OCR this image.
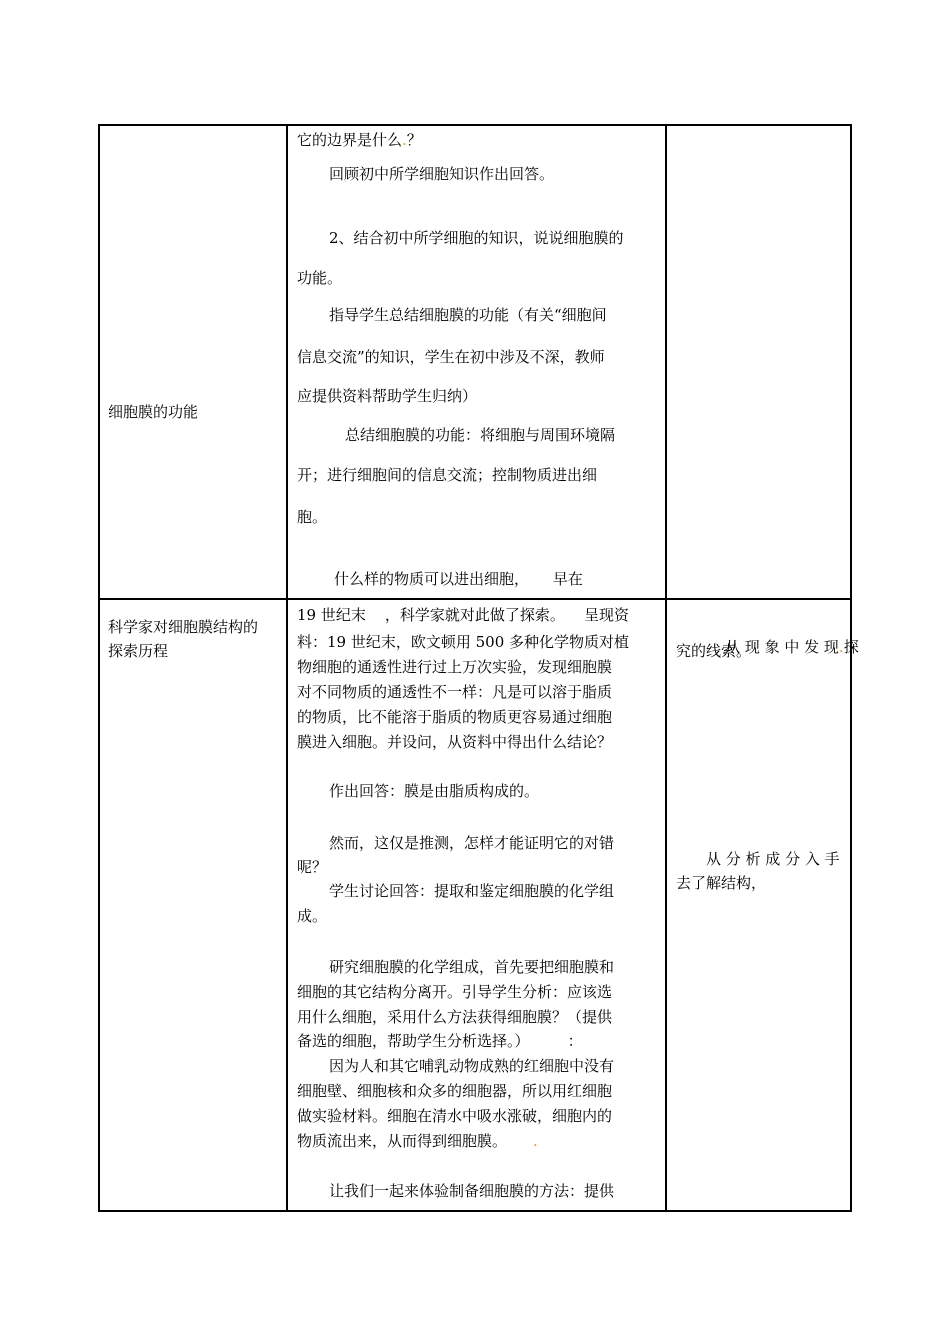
细胞膜的功能
它的边界是什么.？
回顾初中所学细胞知识作出回答。
2、结合初中所学细胞的知识，说说细胞膜的
功能。
指导学生总结细胞膜的功能（有关“细胞间
信息交流”的知识，学生在初中涉及不深，教师
应提供资料帮助学生归纳）
总结细胞膜的功能：将细胞与周围环境隔
开；进行细胞间的信息交流；控制物质进出细
胞。
什么样的物质可以进出细胞，     早在
科学家对细胞膜结构的
探索历程
19 世纪末    ，科学家就对此做了探索。    呈现资
料：19 世纪末，欧文顿用 500 多种化学物质对植
物细胞的通透性进行过上万次实验，发现细胞膜
对不同物质的通透性不一样：凡是可以溶于脂质
的物质，比不能溶于脂质的物质更容易通过细胞
膜进入细胞。并设问，从资料中得出什么结论？
作出回答：膜是由脂质构成的。
然而，这仅是推测，怎样才能证明它的对错
呢？
学生讨论回答：提取和鉴定细胞膜的化学组
成。
研究细胞膜的化学组成，首先要把细胞膜和
细胞的其它结构分离开。引导学生分析：应该选
用什么细胞，采用什么方法获得细胞膜？（提供
备选的细胞，帮助学生分析选择。）        ：
因为人和其它哺乳动物成熟的红细胞中没有
细胞壁、细胞核和众多的细胞器，所以用红细胞
做实验材料。细胞在清水中吸水涨破，细胞内的
物质流出来，从而得到细胞膜。 .
让我们一起来体验制备细胞膜的方法：提供

从 现 象 中 发 现.探

究的线索。
从 分 析 成 分 入 手
去了解结构，
